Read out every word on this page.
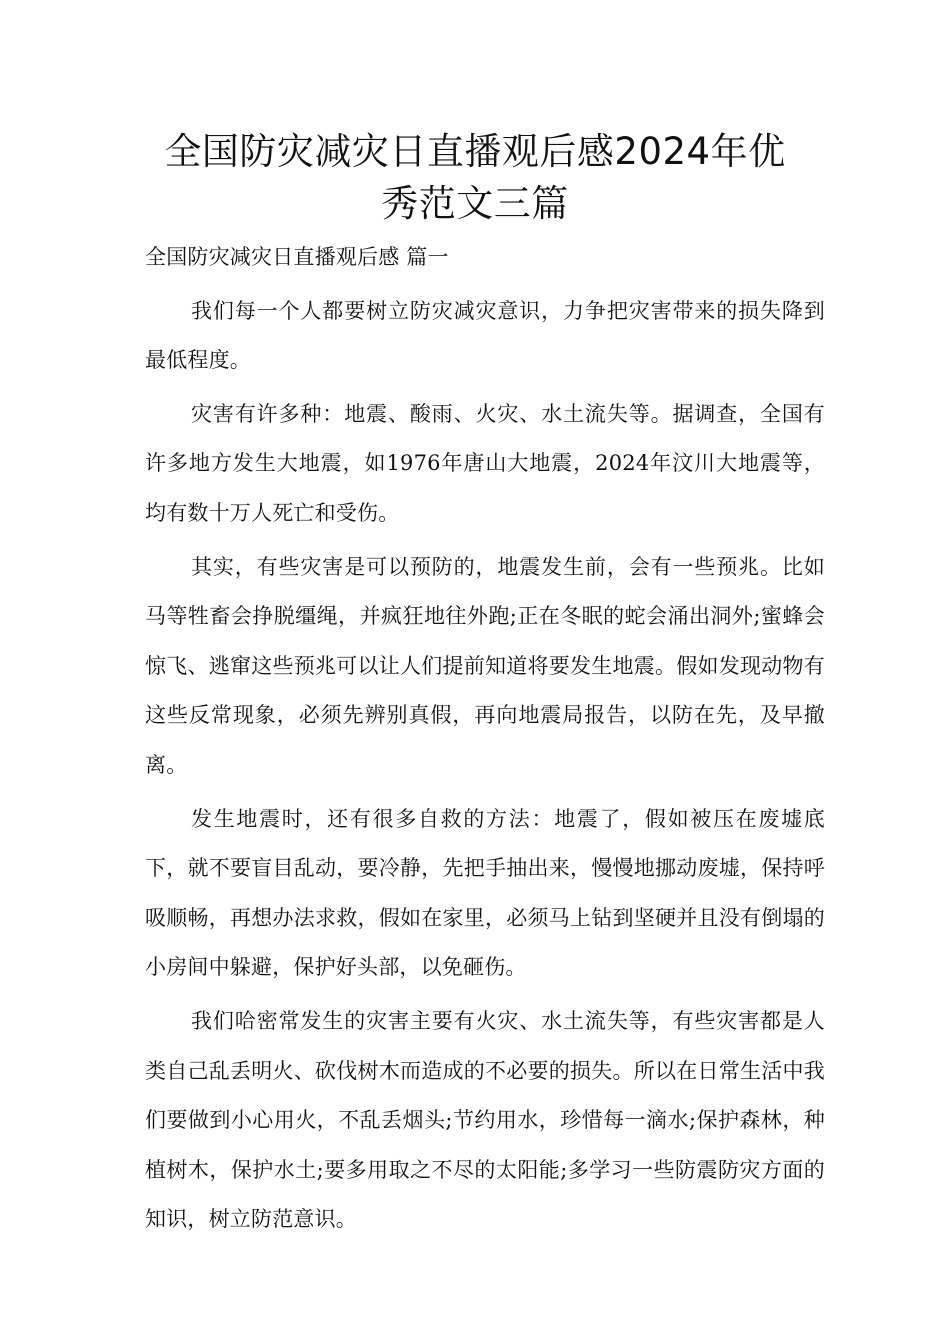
全国防灾减灾日直播观后感2024年优
秀范文三篇

全国防灾减灾日直播观后感 篇一

我们每一个人都要树立防灾减灾意识，力争把灾害带来的损失降到最低程度。

灾害有许多种：地震、酸雨、火灾、水土流失等。据调查，全国有许多地方发生大地震，如1976年唐山大地震，2024年汶川大地震等，均有数十万人死亡和受伤。

其实，有些灾害是可以预防的，地震发生前，会有一些预兆。比如马等牲畜会挣脱缰绳，并疯狂地往外跑;正在冬眠的蛇会涌出洞外;蜜蜂会惊飞、逃窜这些预兆可以让人们提前知道将要发生地震。假如发现动物有这些反常现象，必须先辨别真假，再向地震局报告，以防在先，及早撤离。

发生地震时，还有很多自救的方法：地震了，假如被压在废墟底下，就不要盲目乱动，要冷静，先把手抽出来，慢慢地挪动废墟，保持呼吸顺畅，再想办法求救，假如在家里，必须马上钻到坚硬并且没有倒塌的小房间中躲避，保护好头部，以免砸伤。

我们哈密常发生的灾害主要有火灾、水土流失等，有些灾害都是人类自己乱丢明火、砍伐树木而造成的不必要的损失。所以在日常生活中我们要做到小心用火，不乱丢烟头;节约用水，珍惜每一滴水;保护森林，种植树木，保护水土;要多用取之不尽的太阳能;多学习一些防震防灾方面的知识，树立防范意识。
